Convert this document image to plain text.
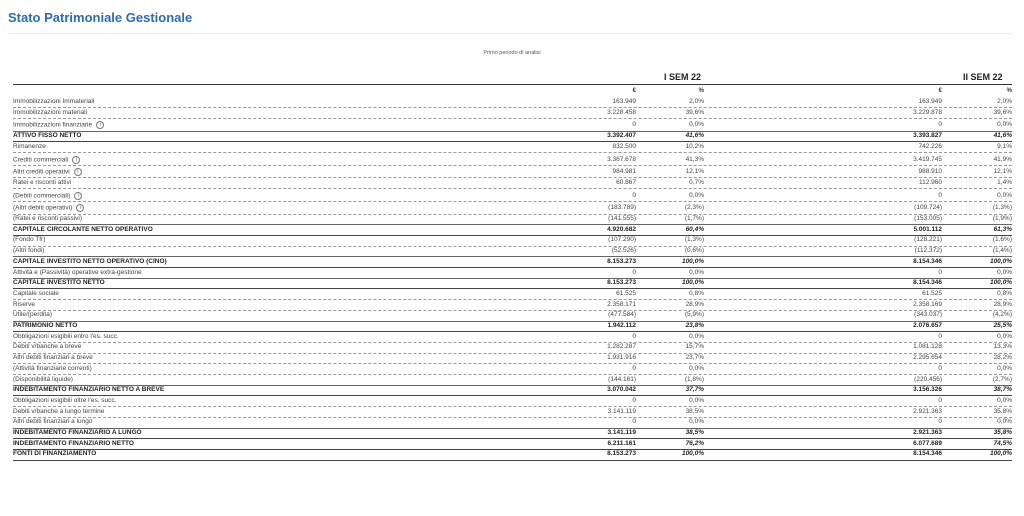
Stato Patrimoniale Gestionale
Primo periodo di analisi
I SEM 22	II SEM 22
€	%	€	%
Immobilizzazioni Immateriali	163.949	2,0%	163.949	2,0%
Immobilizzazioni materiali	3.228.458	39,6%	3.229.878	39,6%
Immobilizzazioni finanziarie i	0	0,0%	0	0,0%
ATTIVO FISSO NETTO	3.392.407	41,6%	3.393.827	41,6%
Rimanenze	832.500	10,2%	742.226	9,1%
Crediti commerciali i	3.367.678	41,3%	3.419.745	41,9%
Altri crediti operativi i	984.981	12,1%	988.910	12,1%
Ratei e risconti attivi	60.867	0,7%	112.960	1,4%
(Debiti commerciali) i	0	0,0%	0	0,0%
(Altri debiti operativi) i	(183.789)	(2,3%)	(109.724)	(1,3%)
(Ratei e risconti passivi)	(141.555)	(1,7%)	(153.005)	(1,9%)
CAPITALE CIRCOLANTE NETTO OPERATIVO	4.920.682	60,4%	5.001.112	61,3%
(Fondo Tfr)	(107.290)	(1,3%)	(128.221)	(1,6%)
(Altri fondi)	(52.526)	(0,6%)	(112.372)	(1,4%)
CAPITALE INVESTITO NETTO OPERATIVO (CINO)	8.153.273	100,0%	8.154.346	100,0%
Attività e (Passività) operative extra-gestione	0	0,0%	0	0,0%
CAPITALE INVESTITO NETTO	8.153.273	100,0%	8.154.346	100,0%
Capitale sociale	61.525	0,8%	61.525	0,8%
Riserve	2.358.171	28,9%	2.358.169	28,9%
Utile/(perdita)	(477.584)	(5,9%)	(343.037)	(4,2%)
PATRIMONIO NETTO	1.942.112	23,8%	2.076.657	25,5%
Obbligazioni esigibili entro l'es. succ.	0	0,0%	0	0,0%
Debiti v/banche a breve	1.282.287	15,7%	1.081.128	13,3%
Altri debiti finanziari a breve	1.931.916	23,7%	2.295.654	28,2%
(Attività finanziarie correnti)	0	0,0%	0	0,0%
(Disponibilità liquide)	(144.161)	(1,8%)	(220.456)	(2,7%)
INDEBITAMENTO FINANZIARIO NETTO A BREVE	3.070.042	37,7%	3.156.326	38,7%
Obbligazioni esigibili oltre l'es. succ.	0	0,0%	0	0,0%
Debiti v/banche a lungo termine	3.141.119	38,5%	2.921.363	35,8%
Altri debiti finanziari a lungo	0	0,0%	0	0,0%
INDEBITAMENTO FINANZIARIO A LUNGO	3.141.119	38,5%	2.921.363	35,8%
INDEBITAMENTO FINANZIARIO NETTO	6.211.161	76,2%	6.077.689	74,5%
FONTI DI FINANZIAMENTO	8.153.273	100,0%	8.154.346	100,0%
